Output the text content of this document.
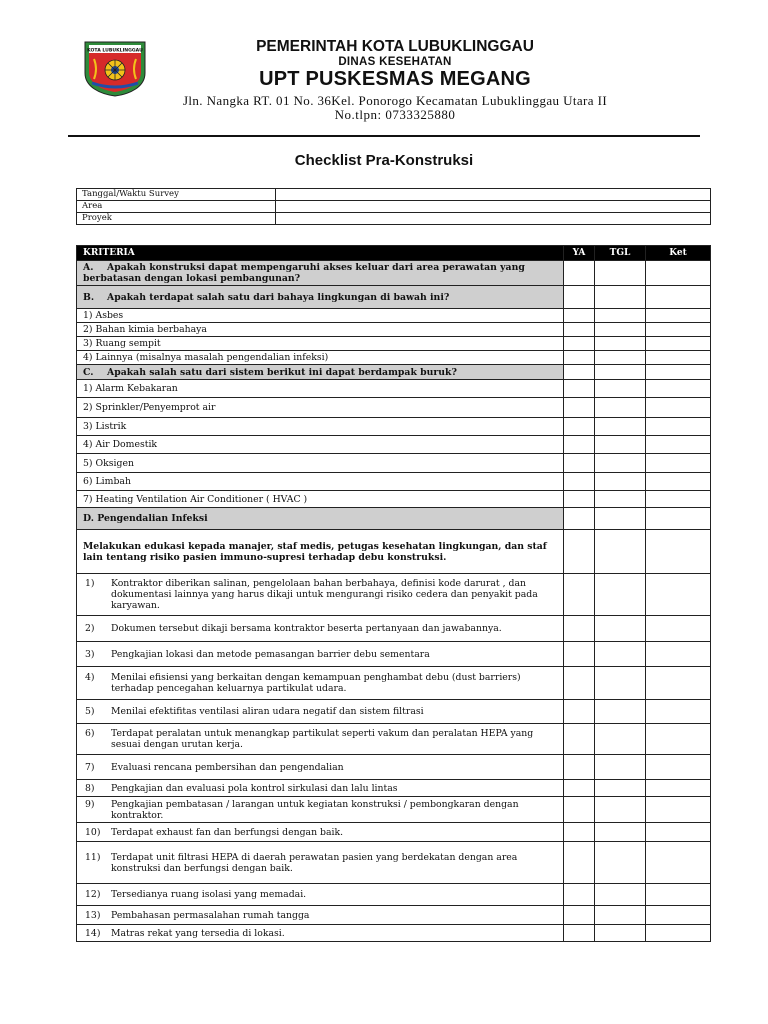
KOTA LUBUKLINGGAU	PEMERINTAH KOTA LUBUKLINGGAU

DINAS KESEHATAN

UPT PUSKESMAS MEGANG

Jln. Nangka RT. 01 No. 36Kel. Ponorogo Kecamatan Lubuklinggau Utara II

No.tlpn: 0733325880

Checklist Pra-Konstruksi
Tanggal/Waktu Survey	
Area	
Proyek	
KRITERIA	YA	TGL	Ket
A. Apakah konstruksi dapat mempengaruhi akses keluar dari area perawatan yang berbatasan dengan lokasi pembangunan?			
B. Apakah terdapat salah satu dari bahaya lingkungan di bawah ini?			
1) Asbes			
2) Bahan kimia berbahaya			
3) Ruang sempit			
4) Lainnya (misalnya masalah pengendalian infeksi)			
C. Apakah salah satu dari sistem berikut ini dapat berdampak buruk?			
1) Alarm Kebakaran			
2) Sprinkler/Penyemprot air			
3) Listrik			
4) Air Domestik			
5) Oksigen			
6) Limbah			
7) Heating Ventilation Air Conditioner ( HVAC )			
D. Pengendalian Infeksi			
Melakukan edukasi kepada manajer, staf medis, petugas kesehatan lingkungan, dan staf lain tentang risiko pasien immuno-supresi terhadap debu konstruksi.			
1) Kontraktor diberikan salinan, pengelolaan bahan berbahaya, definisi kode darurat , dan dokumentasi lainnya yang harus dikaji untuk mengurangi risiko cedera dan penyakit pada karyawan.			
2) Dokumen tersebut dikaji bersama kontraktor beserta pertanyaan dan jawabannya.			
3) Pengkajian lokasi dan metode pemasangan barrier debu sementara			
4) Menilai efisiensi yang berkaitan dengan kemampuan penghambat debu (dust barriers) terhadap pencegahan keluarnya partikulat udara.			
5) Menilai efektifitas ventilasi aliran udara negatif dan sistem filtrasi			
6) Terdapat peralatan untuk menangkap partikulat seperti vakum dan peralatan HEPA yang sesuai dengan urutan kerja.			
7) Evaluasi rencana pembersihan dan pengendalian			
8) Pengkajian dan evaluasi pola kontrol sirkulasi dan lalu lintas			
9) Pengkajian pembatasan / larangan untuk kegiatan konstruksi / pembongkaran dengan kontraktor.			
10) Terdapat exhaust fan dan berfungsi dengan baik.			
11) Terdapat unit filtrasi HEPA di daerah perawatan pasien yang berdekatan dengan area konstruksi dan berfungsi dengan baik.			
12) Tersedianya ruang isolasi yang memadai.			
13) Pembahasan permasalahan rumah tangga			
14) Matras rekat yang tersedia di lokasi.			
